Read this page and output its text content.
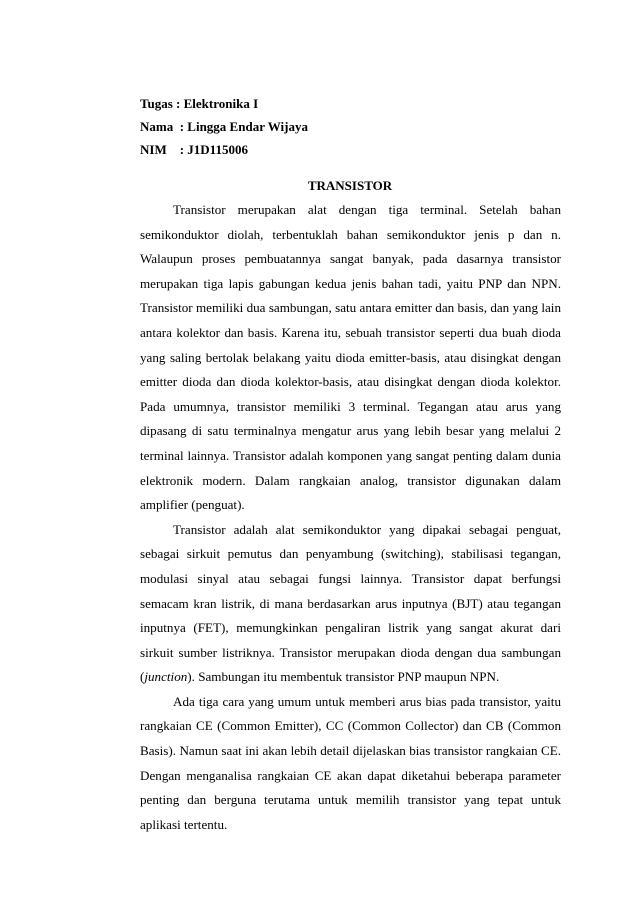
Tugas : Elektronika I
Nama  : Lingga Endar Wijaya
NIM    : J1D115006
TRANSISTOR

Transistor merupakan alat dengan tiga terminal. Setelah bahan semikonduktor diolah, terbentuklah bahan semikonduktor jenis p dan n. Walaupun proses pembuatannya sangat banyak, pada dasarnya transistor merupakan tiga lapis gabungan kedua jenis bahan tadi, yaitu PNP dan NPN. Transistor memiliki dua sambungan, satu antara emitter dan basis, dan yang lain antara kolektor dan basis. Karena itu, sebuah transistor seperti dua buah dioda yang saling bertolak belakang yaitu dioda emitter-basis, atau disingkat dengan emitter dioda dan dioda kolektor-basis, atau disingkat dengan dioda kolektor. Pada umumnya, transistor memiliki 3 terminal. Tegangan atau arus yang dipasang di satu terminalnya mengatur arus yang lebih besar yang melalui 2 terminal lainnya. Transistor adalah komponen yang sangat penting dalam dunia elektronik modern. Dalam rangkaian analog, transistor digunakan dalam amplifier (penguat).

Transistor adalah alat semikonduktor yang dipakai sebagai penguat, sebagai sirkuit pemutus dan penyambung (switching), stabilisasi tegangan, modulasi sinyal atau sebagai fungsi lainnya. Transistor dapat berfungsi semacam kran listrik, di mana berdasarkan arus inputnya (BJT) atau tegangan inputnya (FET), memungkinkan pengaliran listrik yang sangat akurat dari sirkuit sumber listriknya. Transistor merupakan dioda dengan dua sambungan (junction). Sambungan itu membentuk transistor PNP maupun NPN.

Ada tiga cara yang umum untuk memberi arus bias pada transistor, yaitu rangkaian CE (Common Emitter), CC (Common Collector) dan CB (Common Basis). Namun saat ini akan lebih detail dijelaskan bias transistor rangkaian CE. Dengan menganalisa rangkaian CE akan dapat diketahui beberapa parameter penting dan berguna terutama untuk memilih transistor yang tepat untuk aplikasi tertentu.
